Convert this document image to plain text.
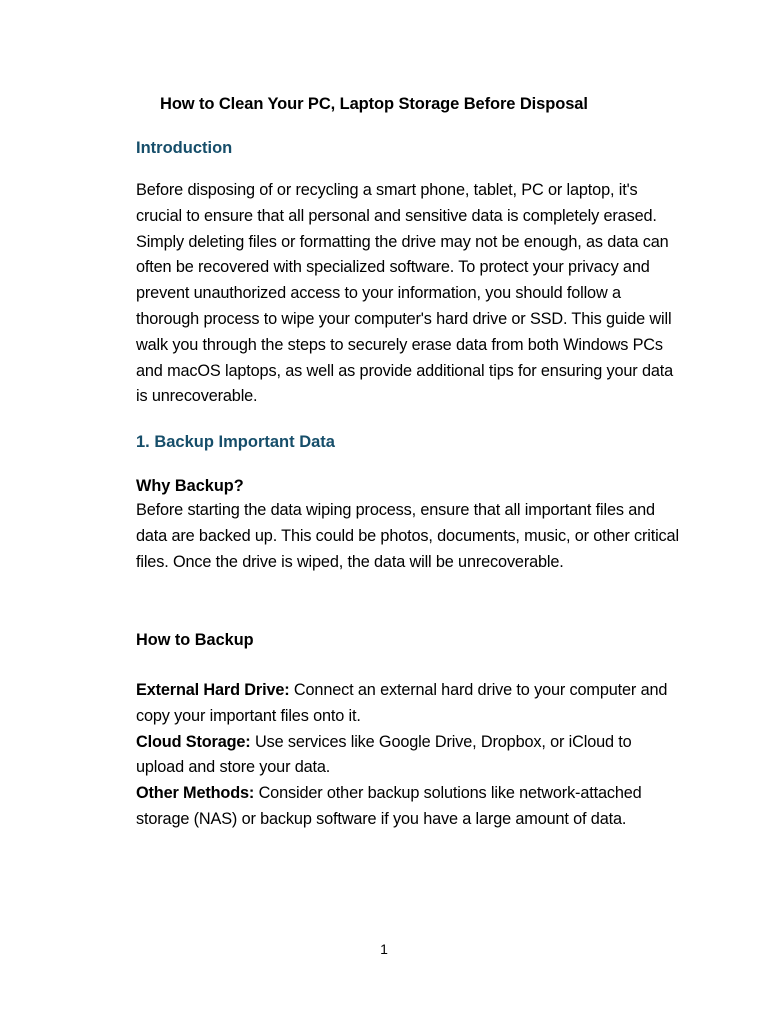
How to Clean Your PC, Laptop Storage Before Disposal
Introduction
Before disposing of or recycling a smart phone, tablet, PC or laptop, it's crucial to ensure that all personal and sensitive data is completely erased. Simply deleting files or formatting the drive may not be enough, as data can often be recovered with specialized software. To protect your privacy and prevent unauthorized access to your information, you should follow a thorough process to wipe your computer's hard drive or SSD. This guide will walk you through the steps to securely erase data from both Windows PCs and macOS laptops, as well as provide additional tips for ensuring your data is unrecoverable.
1. Backup Important Data
Why Backup?
Before starting the data wiping process, ensure that all important files and data are backed up. This could be photos, documents, music, or other critical files. Once the drive is wiped, the data will be unrecoverable.
How to Backup

External Hard Drive: Connect an external hard drive to your computer and copy your important files onto it.

Cloud Storage: Use services like Google Drive, Dropbox, or iCloud to upload and store your data.

Other Methods: Consider other backup solutions like network-attached storage (NAS) or backup software if you have a large amount of data.

1
